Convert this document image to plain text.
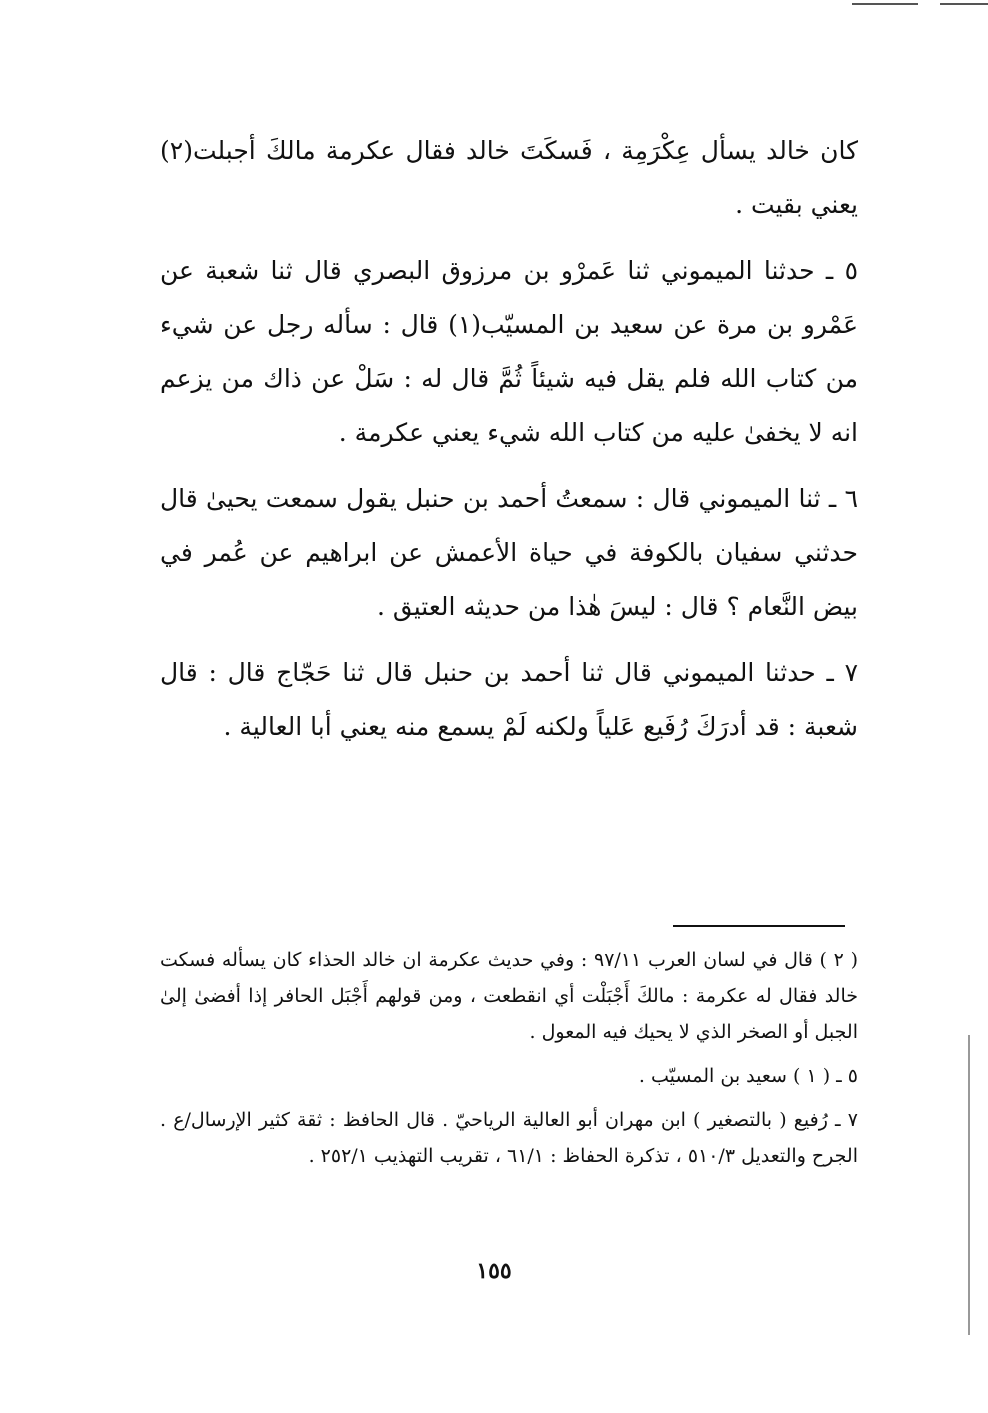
كان خالد يسأل عِكْرَمِة ، فَسكَتَ خالد فقال عكرمة مالكَ أجبلت(٢) يعني بقيت .

٥ ـ حدثنا الميموني ثنا عَمرْو بن مرزوق البصري قال ثنا شعبة عن عَمْرو بن مرة عن سعيد بن المسيّب(١) قال : سأله رجل عن شيء من كتاب الله فلم يقل فيه شيئاً ثُمَّ قال له : سَلْ عن ذاك من يزعم انه لا يخفىٰ عليه من كتاب الله شيء يعني عكرمة .

٦ ـ ثنا الميموني قال : سمعتُ أحمد بن حنبل يقول سمعت يحيىٰ قال حدثني سفيان بالكوفة في حياة الأعمش عن ابراهيم عن عُمر في بيض النَّعام ؟ قال : ليسَ هٰذا من حديثه العتيق .

٧ ـ حدثنا الميموني قال ثنا أحمد بن حنبل قال ثنا حَجّاج قال : قال شعبة : قد أدرَكَ رُفَيع عَلياً ولكنه لَمْ يسمع منه يعني أبا العالية .

( ٢ ) قال في لسان العرب ٩٧/١١ : وفي حديث عكرمة ان خالد الحذاء كان يسأله فسكت خالد فقال له عكرمة : مالكَ أَجْبَلْت أي انقطعت ، ومن قولهم أَجْبَل الحافر إذا أفضىٰ إلىٰ الجبل أو الصخر الذي لا يحيك فيه المعول .

٥ ـ ( ١ ) سعيد بن المسيّب .

٧ ـ رُفيع ( بالتصغير ) ابن مهران أبو العالية الرياحيّ . قال الحافظ : ثقة كثير الإرسال/ع . الجرح والتعديل ٥١٠/٣ ، تذكرة الحفاظ : ٦١/١ ، تقريب التهذيب ٢٥٢/١ .

١٥٥
